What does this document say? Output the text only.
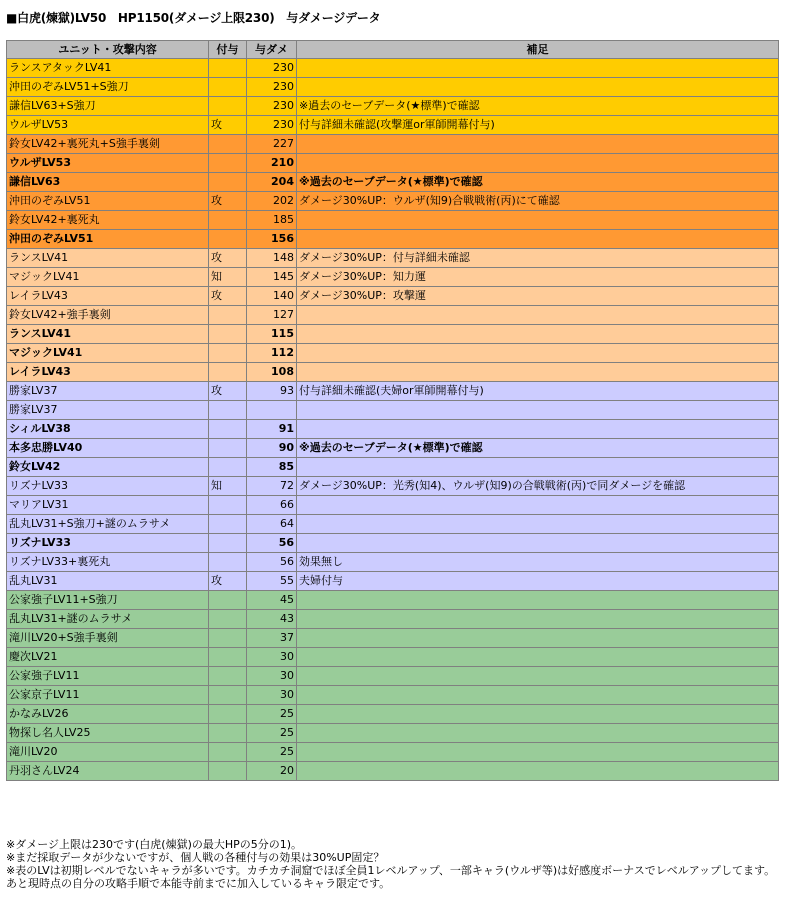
■白虎(煉獄)LV50　HP1150(ダメージ上限230)　与ダメージデータ
ユニット・攻撃内容	付与	与ダメ	補足
ランスアタックLV41		230	
沖田のぞみLV51+S強刀		230	
謙信LV63+S強刀		230	※過去のセーブデータ(★標準)で確認
ウルザLV53	攻	230	付与詳細未確認(攻撃運or軍師開幕付与)
鈴女LV42+裏死丸+S強手裏剣		227	
ウルザLV53		210	
謙信LV63		204	※過去のセーブデータ(★標準)で確認
沖田のぞみLV51	攻	202	ダメージ30%UP：ウルザ(知9)合戦戦術(丙)にて確認
鈴女LV42+裏死丸		185	
沖田のぞみLV51		156	
ランスLV41	攻	148	ダメージ30%UP：付与詳細未確認
マジックLV41	知	145	ダメージ30%UP：知力運
レイラLV43	攻	140	ダメージ30%UP：攻撃運
鈴女LV42+強手裏剣		127	
ランスLV41		115	
マジックLV41		112	
レイラLV43		108	
勝家LV37	攻	93	付与詳細未確認(夫婦or軍師開幕付与)
勝家LV37			
シィルLV38		91	
本多忠勝LV40		90	※過去のセーブデータ(★標準)で確認
鈴女LV42		85	
リズナLV33	知	72	ダメージ30%UP：光秀(知4)、ウルザ(知9)の合戦戦術(丙)で同ダメージを確認
マリアLV31		66	
乱丸LV31+S強刀+謎のムラサメ		64	
リズナLV33		56	
リズナLV33+裏死丸		56	効果無し
乱丸LV31	攻	55	夫婦付与
公家強子LV11+S強刀		45	
乱丸LV31+謎のムラサメ		43	
滝川LV20+S強手裏剣		37	
慶次LV21		30	
公家強子LV11		30	
公家京子LV11		30	
かなみLV26		25	
物探し名人LV25		25	
滝川LV20		25	
丹羽さんLV24		20	
※ダメージ上限は230です(白虎(煉獄)の最大HPの5分の1)。
※まだ採取データが少ないですが、個人戦の各種付与の効果は30%UP固定？
※表のLVは初期レベルでないキャラが多いです。カチカチ洞窟でほぼ全員1レベルアップ、一部キャラ(ウルザ等)は好感度ボーナスでレベルアップしてます。あと現時点の自分の攻略手順で本能寺前までに加入しているキャラ限定です。
